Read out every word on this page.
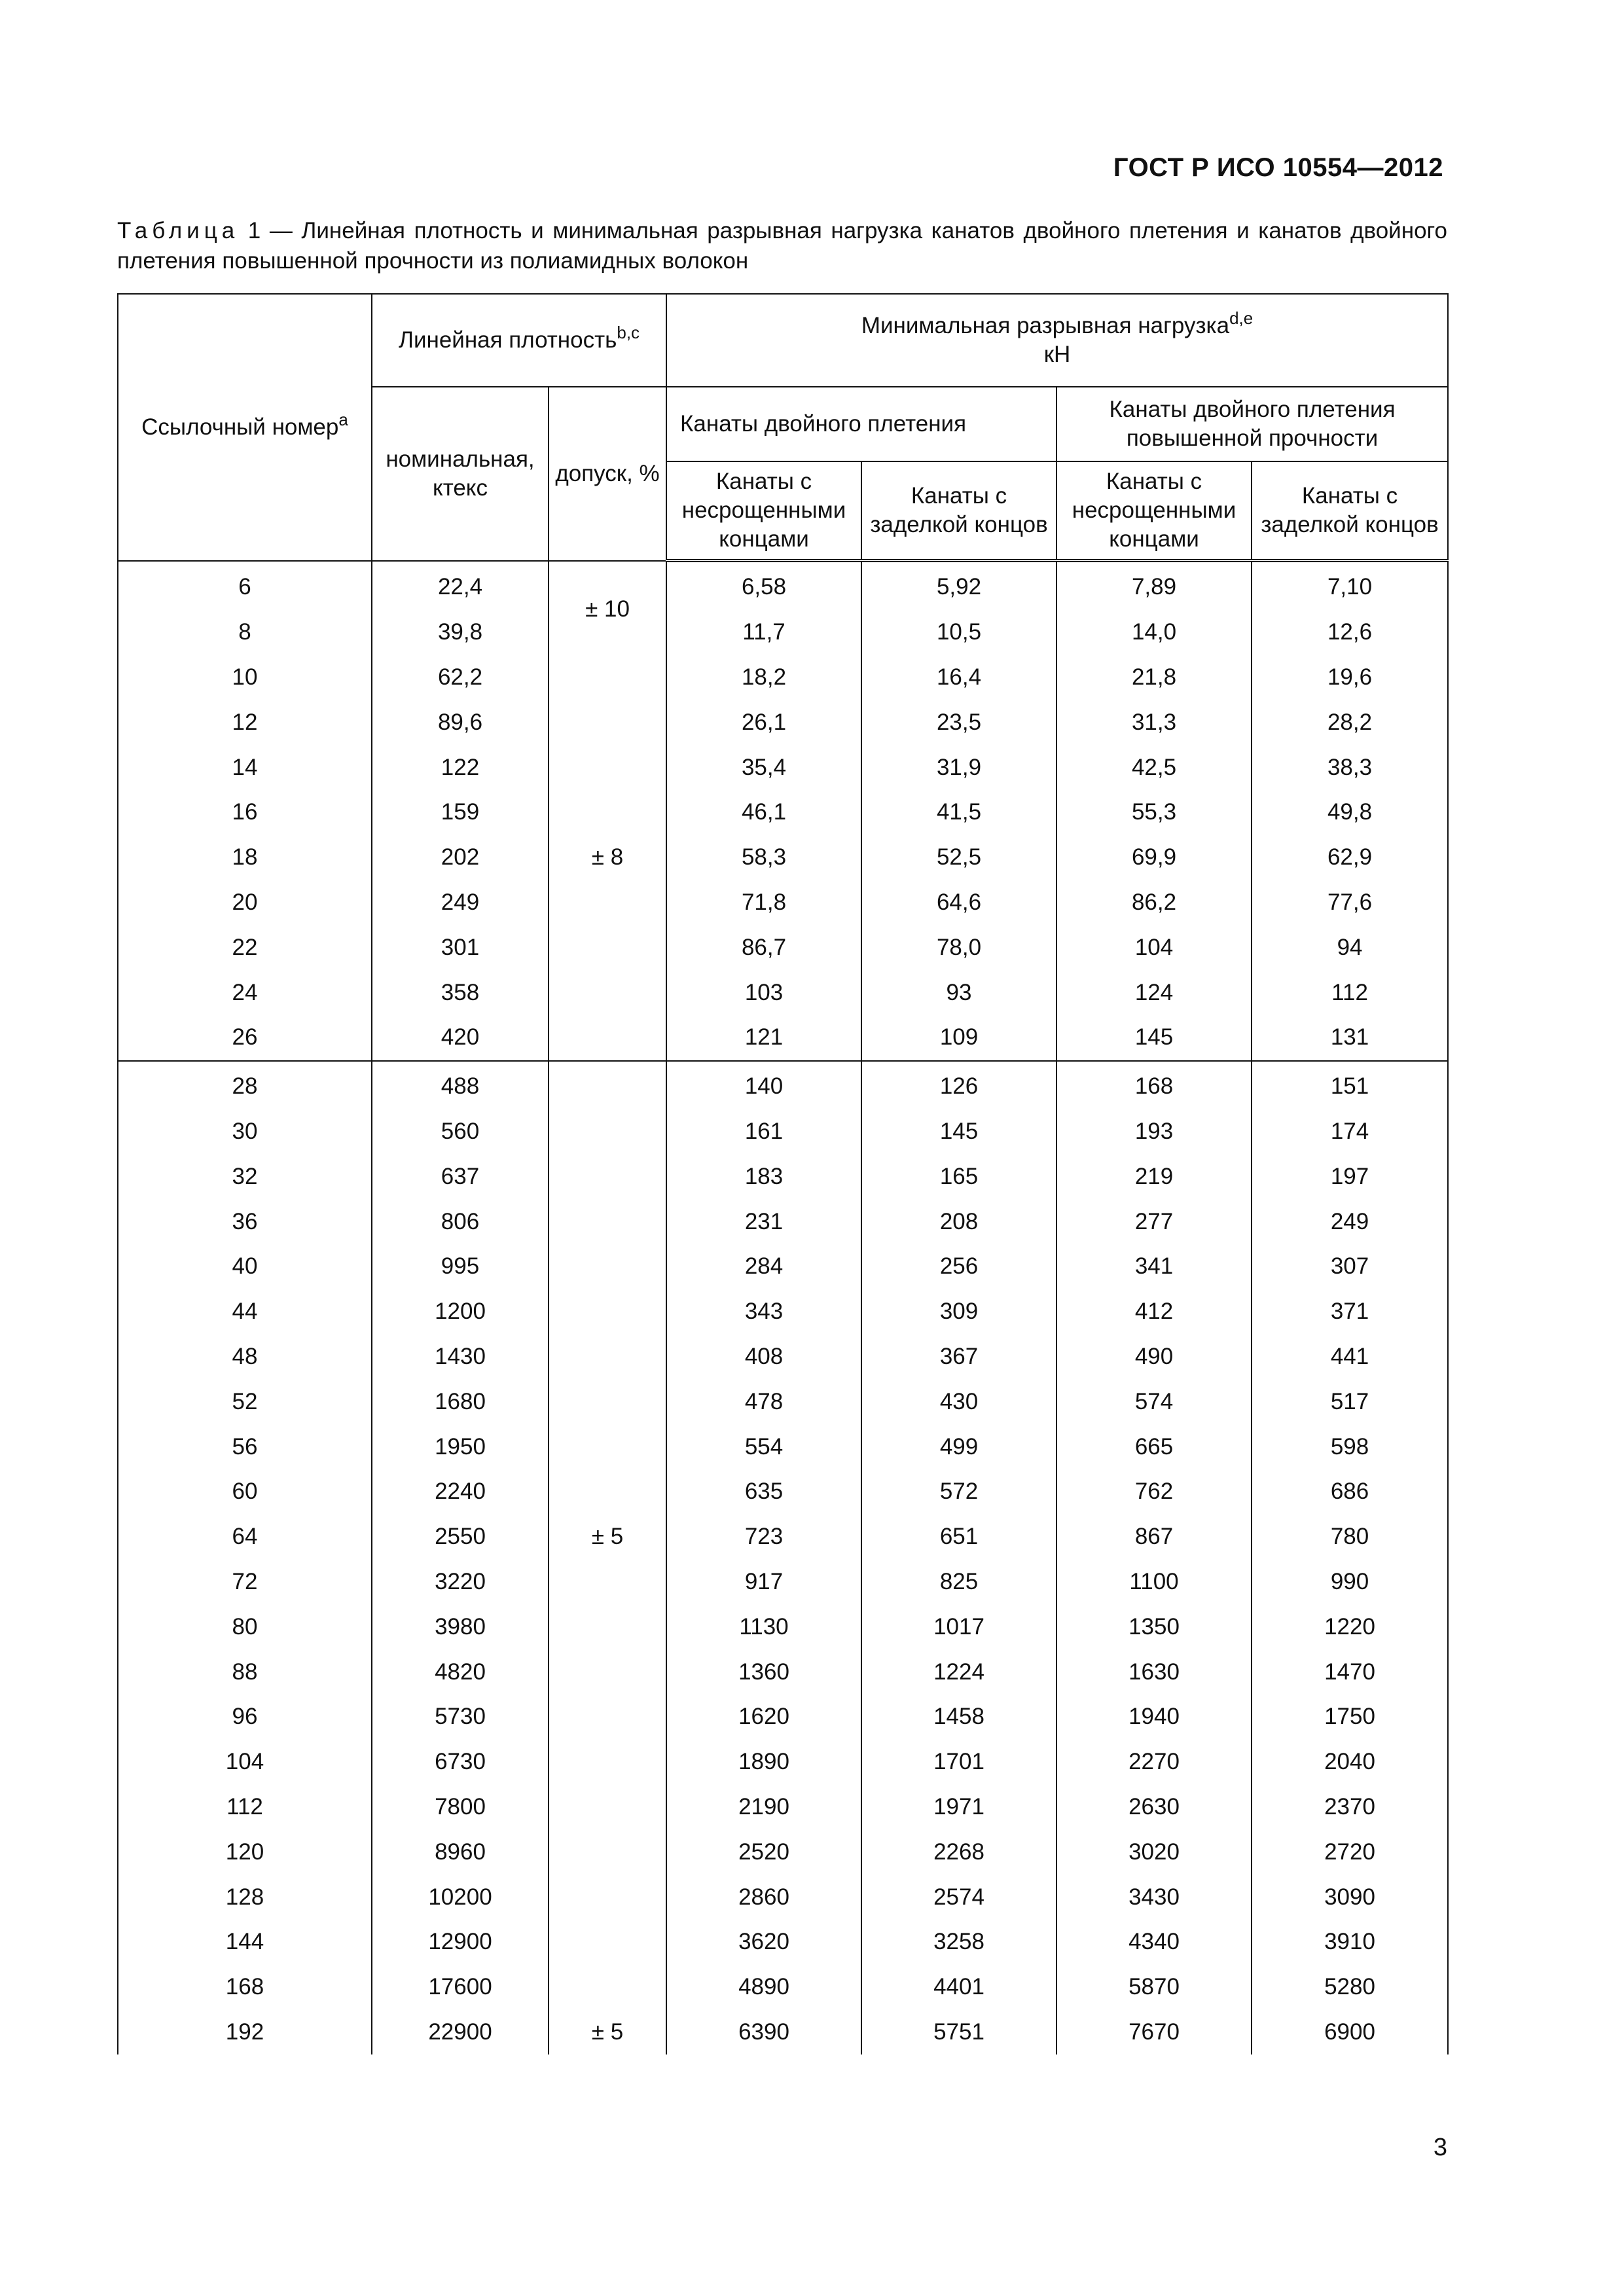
ГОСТ Р ИСО 10554—2012
Таблица 1 — Линейная плотность и минимальная разрывная нагрузка канатов двойного плетения и канатов двойного плетения повышенной прочности из полиамидных волокон
Ссылочный номер$^a$	Линейная плотность$^{b,c}$		Минимальная разрывная нагрузка$^{d,e}$
кН			
	номинальная, ктекс	допуск, %	Канаты двойного плетения		Канаты двойного плетения повышенной прочности	
			Канаты с несрощенными концами	Канаты с заделкой концов	Канаты с несрощенными концами	Канаты с заделкой концов
6	22,4	± 10	6,58	5,92	7,89	7,10
8	39,8		11,7	10,5	14,0	12,6
10	62,2	± 8	18,2	16,4	21,8	19,6
12	89,6		26,1	23,5	31,3	28,2
14	122		35,4	31,9	42,5	38,3
16	159		46,1	41,5	55,3	49,8
18	202		58,3	52,5	69,9	62,9
20	249		71,8	64,6	86,2	77,6
22	301		86,7	78,0	104	94
24	358		103	93	124	112
26	420		121	109	145	131
28	488	± 5	140	126	168	151
30	560		161	145	193	174
32	637		183	165	219	197
36	806		231	208	277	249
40	995		284	256	341	307
44	1200		343	309	412	371
48	1430		408	367	490	441
52	1680		478	430	574	517
56	1950		554	499	665	598
60	2240		635	572	762	686
64	2550		723	651	867	780
72	3220		917	825	1100	990
80	3980		1130	1017	1350	1220
88	4820		1360	1224	1630	1470
96	5730		1620	1458	1940	1750
104	6730		1890	1701	2270	2040
112	7800		2190	1971	2630	2370
120	8960		2520	2268	3020	2720
128	10200		2860	2574	3430	3090
144	12900		3620	3258	4340	3910
168	17600		4890	4401	5870	5280
192	22900	± 5	6390	5751	7670	6900
3
